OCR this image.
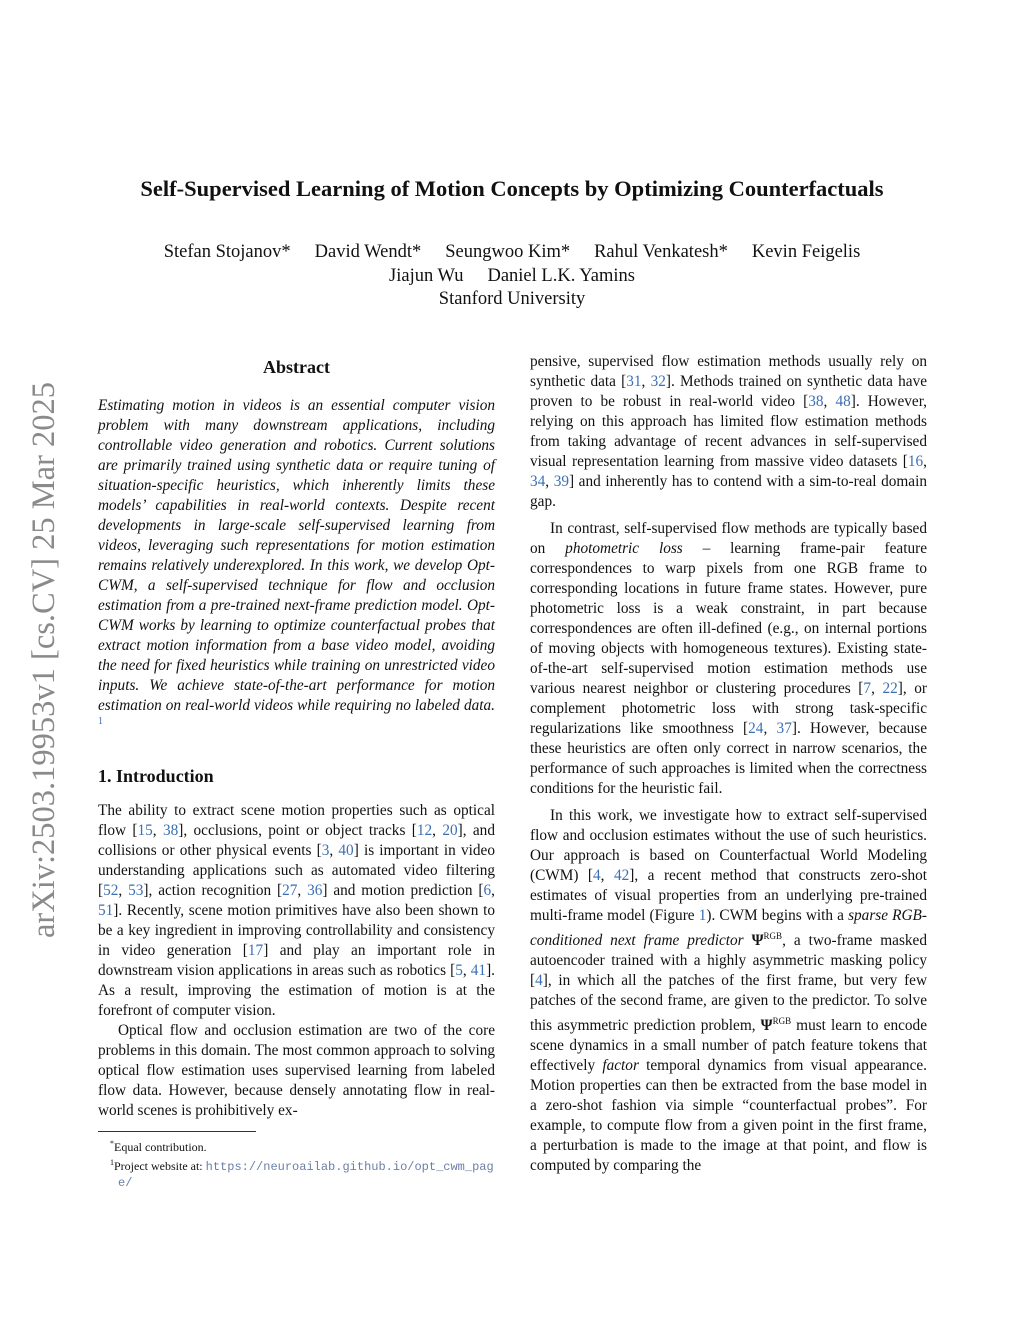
arXiv:2503.19953v1 [cs.CV] 25 Mar 2025
Self-Supervised Learning of Motion Concepts by Optimizing Counterfactuals
Stefan Stojanov* David Wendt* Seungwoo Kim* Rahul Venkatesh* Kevin Feigelis
Jiajun Wu Daniel L.K. Yamins
Stanford University
Abstract

Estimating motion in videos is an essential computer vision problem with many downstream applications, including controllable video generation and robotics. Current solutions are primarily trained using synthetic data or require tuning of situation-specific heuristics, which inherently limits these models’ capabilities in real-world contexts. Despite recent developments in large-scale self-supervised learning from videos, leveraging such representations for motion estimation remains relatively underexplored. In this work, we develop Opt-CWM, a self-supervised technique for flow and occlusion estimation from a pre-trained next-frame prediction model. Opt-CWM works by learning to optimize counterfactual probes that extract motion information from a base video model, avoiding the need for fixed heuristics while training on unrestricted video inputs. We achieve state-of-the-art performance for motion estimation on real-world videos while requiring no labeled data. $^1$

1. Introduction

The ability to extract scene motion properties such as optical flow [15, 38], occlusions, point or object tracks [12, 20], and collisions or other physical events [3, 40] is important in video understanding applications such as automated video filtering [52, 53], action recognition [27, 36] and motion prediction [6, 51]. Recently, scene motion primitives have also been shown to be a key ingredient in improving controllability and consistency in video generation [17] and play an important role in downstream vision applications in areas such as robotics [5, 41]. As a result, improving the estimation of motion is at the forefront of computer vision.

Optical flow and occlusion estimation are two of the core problems in this domain. The most common approach to solving optical flow estimation uses supervised learning from labeled flow data. However, because densely annotating flow in real-world scenes is prohibitively ex-

*Equal contribution.
$^1$Project website at: https://neuroailab.github.io/opt_cwm_page/

pensive, supervised flow estimation methods usually rely on synthetic data [31, 32]. Methods trained on synthetic data have proven to be robust in real-world video [38, 48]. However, relying on this approach has limited flow estimation methods from taking advantage of recent advances in self-supervised visual representation learning from massive video datasets [16, 34, 39] and inherently has to contend with a sim-to-real domain gap.

In contrast, self-supervised flow methods are typically based on photometric loss – learning frame-pair feature correspondences to warp pixels from one RGB frame to corresponding locations in future frame states. However, pure photometric loss is a weak constraint, in part because correspondences are often ill-defined (e.g., on internal portions of moving objects with homogeneous textures). Existing state-of-the-art self-supervised motion estimation methods use various nearest neighbor or clustering procedures [7, 22], or complement photometric loss with strong task-specific regularizations like smoothness [24, 37]. However, because these heuristics are often only correct in narrow scenarios, the performance of such approaches is limited when the correctness conditions for the heuristic fail.

In this work, we investigate how to extract self-supervised flow and occlusion estimates without the use of such heuristics. Our approach is based on Counterfactual World Modeling (CWM) [4, 42], a recent method that constructs zero-shot estimates of visual properties from an underlying pre-trained multi-frame model (Figure 1). CWM begins with a sparse RGB-conditioned next frame predictor $\Psi^{RGB}$, a two-frame masked autoencoder trained with a highly asymmetric masking policy [4], in which all the patches of the first frame, but very few patches of the second frame, are given to the predictor. To solve this asymmetric prediction problem, $\Psi^{RGB}$ must learn to encode scene dynamics in a small number of patch feature tokens that effectively factor temporal dynamics from visual appearance. Motion properties can then be extracted from the base model in a zero-shot fashion via simple “counterfactual probes”. For example, to compute flow from a given point in the first frame, a perturbation is made to the image at that point, and flow is computed by comparing the
